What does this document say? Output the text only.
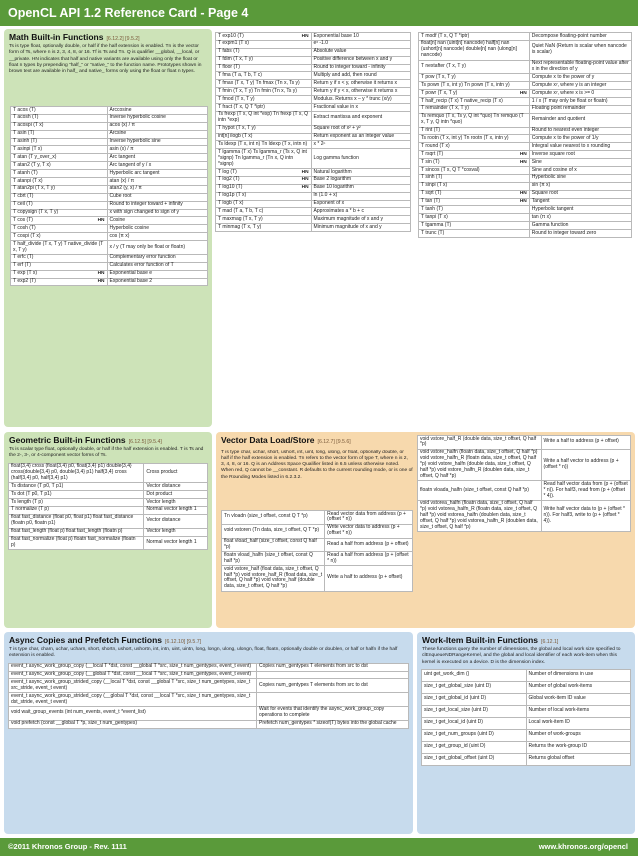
OpenCL API 1.2 Reference Card - Page 4
Math Built-in Functions [6.12.2] [9.5.2]
Ts is type float, optionally double, or half if the half extension is enabled. Tn is the vector form of Ts, where n is 2, 3, 4, 8, or 16. Tf is Ts and Tn. Q is qualifier __global, __local, or __private. HN indicates that half and native variants are available using only the float or float n types by prepending “half_” or “native_” to the function name. Prototypes shown in brown text are available in half_ and native_ forms only using the float or float n types.
T acos (T)	Arccosine
T acosh (T)	Inverse hyperbolic cosine
T acospi (T x)	acos (x) / π
T asin (T)	Arcsine
T asinh (T)	Inverse hyperbolic sine
T asinpi (T x)	asin (x) / π
T atan (T y_over_x)	Arc tangent
T atan2 (T y, T x)	Arc tangent of y / x
T atanh (T)	Hyperbolic arc tangent
T atanpi (T x)	atan (x) / π
T atan2pi (T x, T y)	atan2 (y, x) / π
T cbrt (T)	Cube root
T ceil (T)	Round to integer toward + infinity
T copysign (T x, T y)	x with sign changed to sign of y

HN
T cos (T)	Cosine
T cosh (T)	Hyperbolic cosine
T cospi (T x)	cos (π x)
T half_divide (T x, T y) T native_divide (T x, T y)	x / y (T may only be float or floatn)
T erfc (T)	Complementary error function
T erf (T)	Calculates error function of T

HN
T exp (T x)	Exponential base e

HN
T exp2 (T)	Exponential base 2
HN
T exp10 (T)	Exponential base 10
T expm1 (T x)	eˣ -1.0
T fabs (T)	Absolute value
T fdim (T x, T y)	Positive difference between x and y
T floor (T)	Round to integer toward - infinity
T fma (T a, T b, T c)	Multiply and add, then round
T fmax (T x, T y) Tn fmax (Tn x, Ts y)	Return y if x < y, otherwise it returns x
T fmin (T x, T y) Tn fmin (Tn x, Ts y)	Return y if y < x, otherwise it returns x
T fmod (T x, T y)	Modulus. Returns x – y * trunc (x/y)
T fract (T x, Q T *iptr)	Fractional value in x
Ts frexp (T x, Q int *exp) Tn frexp (T x, Q intn *exp)	Extract mantissa and exponent
T hypot (T x, T y)	Square root of x² + y²
int[n] ilogb (T x)	Return exponent as an integer value
Ts ldexp (T x, int n) Tn ldexp (T x, intn n)	x * 2ⁿ
T lgamma (T x) Ts lgamma_r (Ts x, Q int *signp) Tn lgamma_r (Tn x, Q intn *signp)	Log gamma function

HN
T log (T)	Natural logarithm

HN
T log2 (T)	Base 2 logarithm

HN
T log10 (T)	Base 10 logarithm
T log1p (T x)	ln (1.0 + x)
T logb (T x)	Exponent of x
T mad (T a, T b, T c)	Approximates a * b + c
T maxmag (T x, T y)	Maximum magnitude of x and y
T minmag (T x, T y)	Minimum magnitude of x and y
T modf (T x, Q T *iptr)	Decompose floating-point number
float[n] nan (uint[n] nancode) half[n] nan (ushort[n] nancode) double[n] nan (ulong[n] nancode)	Quiet NaN (Return is scalar when nancode is scalar)
T nextafter (T x, T y)	Next representable floating-point value after x in the direction of y
T pow (T x, T y)	Compute x to the power of y
Ts pown (T x, int y) Tn pown (T x, intn y)	Compute xʸ, where y is an integer

HN
T powr (T x, T y)	Compute xʸ, where x is >= 0
T half_recip (T x) T native_recip (T x)	1 / x (T may only be float or floatn)
T remainder (T x, T y)	Floating point remainder
Ts remquo (T x, Ts y, Q int *quo) Tn remquo (T x, T y, Q intn *quo)	Remainder and quotient
T rint (T)	Round to nearest even integer
Ts rootn (T x, int y) Tn rootn (T x, intn y)	Compute x to the power of 1/y
T round (T x)	Integral value nearest to x rounding

HN
T rsqrt (T)	Inverse square root

HN
T sin (T)	Sine
T sincos (T x, Q T *cosval)	Sine and cosine of x
T sinh (T)	Hyperbolic sine
T sinpi (T x)	sin (π x)

HN
T sqrt (T)	Square root

HN
T tan (T)	Tangent
T tanh (T)	Hyperbolic tangent
T tanpi (T x)	tan (π x)
T tgamma (T)	Gamma function
T trunc (T)	Round to integer toward zero
Geometric Built-in Functions [6.12.5] [9.5.4]
Ts is scalar type float, optionally double, or half if the half extension is enabled. T is Ts and the 2-, 3-, or 4-component vector forms of Ts.
float{3,4} cross (float{3,4} p0, float{3,4} p1) double{3,4} cross(double{3,4} p0, double{3,4} p1) half{3,4} cross (half{3,4} p0, half{3,4} p1)	Cross product
Ts distance (T p0, T p1)	Vector distance
Ts dot (T p0, T p1)	Dot product
Ts length (T p)	Vector length
T normalize (T p)	Normal vector length 1
float fast_distance (float p0, float p1) float fast_distance (floatn p0, floatn p1)	Vector distance
float fast_length (float p) float fast_length (floatn p)	Vector length
float fast_normalize (float p) floatn fast_normalize (floatn p)	Normal vector length 1
Vector Data Load/Store [6.12.7] [9.5.6]
T is type char, uchar, short, ushort, int, uint, long, ulong, or float, optionally double, or half if the half extension is enabled. Tn refers to the vector form of type T, where n is 2, 3, 4, 8, or 16. Q is an Address Space Qualifier listed in 6.5 unless otherwise noted. When red, Q cannot be __constant. R defaults to the current rounding mode, or is one of the Rounding Modes listed in 6.2.3.2.
Tn vloadn (size_t offset, const Q T *p)	Read vector data from address (p + (offset * n))
void vstoren (Tn data, size_t offset, Q T *p)	Write vector data to address (p + (offset * n))
float vload_half (size_t offset, const Q half *p)	Read a half from address (p + offset)
floatn vload_halfn (size_t offset, const Q half *p)	Read a half from address (p + (offset * n))
void vstore_half (float data, size_t offset, Q half *p) void vstore_half_R (float data, size_t offset, Q half *p) void vstore_half (double data, size_t offset, Q half *p)	Write a half to address (p + offset)
void vstore_half_R (double data, size_t offset, Q half *p)	Write a half to address (p + offset)
void vstore_halfn (floatn data, size_t offset, Q half *p) void vstore_halfn_R (floatn data, size_t offset, Q half *p) void vstore_halfn (double data, size_t offset, Q half *p) void vstore_halfn_R (doublen data, size_t offset, Q half *p)	Write a half vector to address (p + (offset * n))
floatn vloada_halfn (size_t offset, const Q half *p)	Read half vector data from (p + (offset * n)). For half3, read from (p + (offset * 4)).
void vstorea_halfn (floatn data, size_t offset, Q half *p) void vstorea_halfn_R (floatn data, size_t offset, Q half *p) void vstorea_halfn (doublen data, size_t offset, Q half *p) void vstorea_halfn_R (doublen data, size_t offset, Q half *p)	Write half vector data to (p + (offset * n)). For half3, write to (p + (offset * 4)).
Async Copies and Prefetch Functions [6.12.10] [9.5.7]
T is type char, charn, uchar, ucharn, short, shortn, ushort, ushortn, int, intn, uint, uintn, long, longn, ulong, ulongn, float, floatn, optionally double or doublen, or half or halfn if the half extension is enabled.
event_t async_work_group_copy (__local T *dst, const __global T *src, size_t num_gentypes, event_t event)	Copies num_gentypes T elements from src to dst
event_t async_work_group_copy (__global T *dst, const __local T *src, size_t num_gentypes, event_t event)	
event_t async_work_group_strided_copy (__local T *dst, const __global T *src, size_t num_gentypes, size_t src_stride, event_t event)	Copies num_gentypes T elements from src to dst
event_t async_work_group_strided_copy (__global T *dst, const __local T *src, size_t num_gentypes, size_t dst_stride, event_t event)	
void wait_group_events (int num_events, event_t *event_list)	Wait for events that identify the async_work_group_copy operations to complete
void prefetch (const __global T *p, size_t num_gentypes)	Prefetch num_gentypes * sizeof(T) bytes into the global cache
Work-Item Built-in Functions [6.12.1]
These functions query the number of dimensions, the global and local work size specified to clEnqueueNDRangeKernel, and the global and local identifier of each work-item when this kernel is executed on a device. D is the dimension index.
uint get_work_dim ()	Number of dimensions in use
size_t get_global_size (uint D)	Number of global work-items
size_t get_global_id (uint D)	Global work-item ID value
size_t get_local_size (uint D)	Number of local work-items
size_t get_local_id (uint D)	Local work-item ID
size_t get_num_groups (uint D)	Number of work-groups
size_t get_group_id (uint D)	Returns the work-group ID
size_t get_global_offset (uint D)	Returns global offset
©2011 Khronos Group - Rev. 1111	www.khronos.org/opencl
